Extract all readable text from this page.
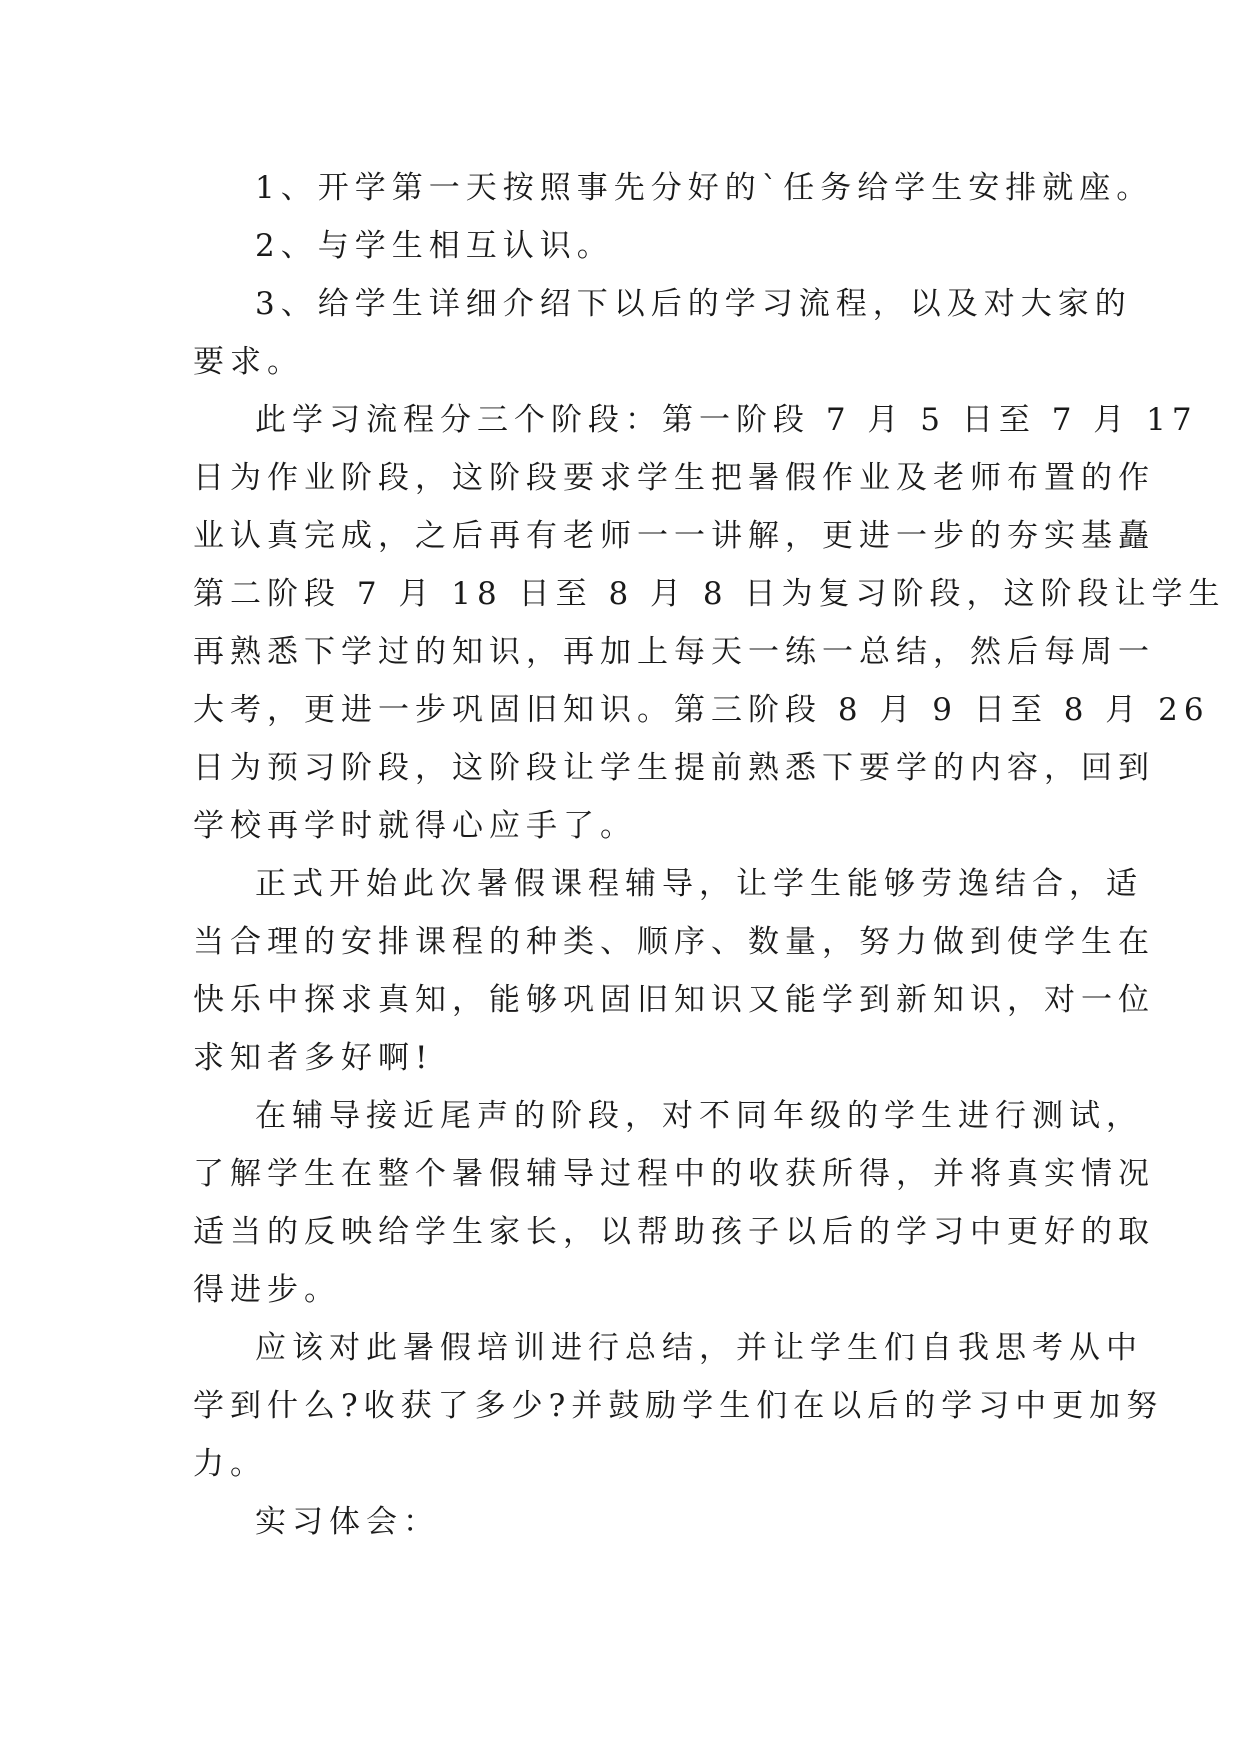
1、开学第一天按照事先分好的`任务给学生安排就座。

2、与学生相互认识。

3、给学生详细介绍下以后的学习流程，以及对大家的

要求。

此学习流程分三个阶段：第一阶段 7 月 5 日至 7 月 17

日为作业阶段，这阶段要求学生把暑假作业及老师布置的作

业认真完成，之后再有老师一一讲解，更进一步的夯实基矗

第二阶段 7 月 18 日至 8 月 8 日为复习阶段，这阶段让学生

再熟悉下学过的知识，再加上每天一练一总结，然后每周一

大考，更进一步巩固旧知识。第三阶段 8 月 9 日至 8 月 26

日为预习阶段，这阶段让学生提前熟悉下要学的内容，回到

学校再学时就得心应手了。

正式开始此次暑假课程辅导，让学生能够劳逸结合，适

当合理的安排课程的种类、顺序、数量，努力做到使学生在

快乐中探求真知，能够巩固旧知识又能学到新知识，对一位

求知者多好啊!

在辅导接近尾声的阶段，对不同年级的学生进行测试，

了解学生在整个暑假辅导过程中的收获所得，并将真实情况

适当的反映给学生家长，以帮助孩子以后的学习中更好的取

得进步。

应该对此暑假培训进行总结，并让学生们自我思考从中

学到什么?收获了多少?并鼓励学生们在以后的学习中更加努

力。

实习体会：
